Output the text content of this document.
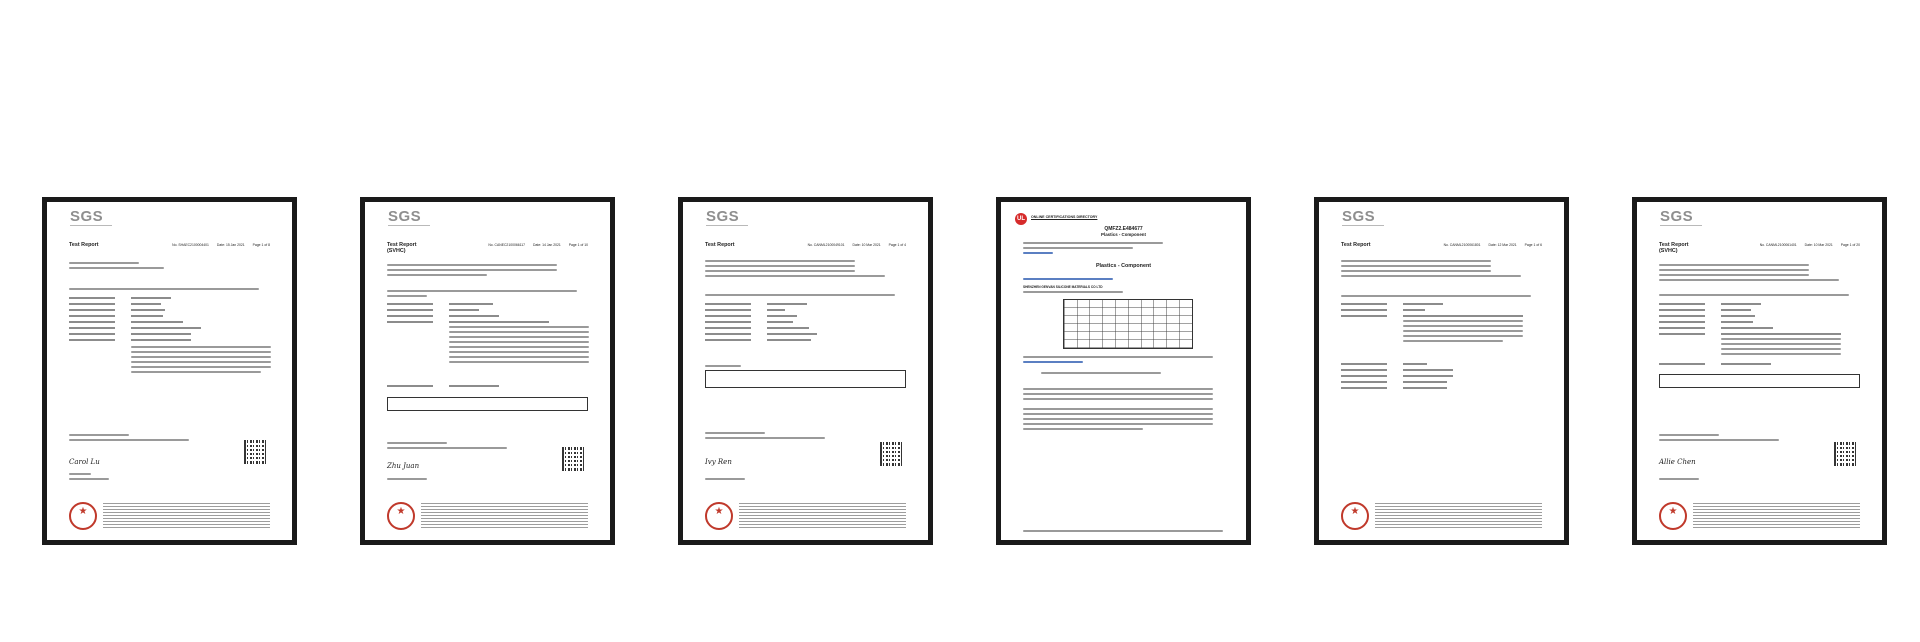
SGS
Test Report	No. SHAEC2100004401 Date: 15 Jan 2021 Page 1 of 8
Carol Lu
★
SGS
Test Report
(SVHC)
No. CANEC2100066117 Date: 14 Jan 2021 Page 1 of 10
Zhu Juan
★
SGS
Test Report	No. CANML2100049101 Date: 10 Mar 2021 Page 1 of 4
Ivy Ren
★
UL	ONLINE CERTIFICATIONS DIRECTORY
QMFZ2.E484677
Plastics - Component
Plastics - Component
SHENZHEN GENVAN SILICONE MATERIALS CO LTD
SGS
Test Report	No. CANML2100061801 Date: 12 Mar 2021 Page 1 of 6
★
SGS
Test Report
(SVHC)
No. CANML2100061401 Date: 10 Mar 2021 Page 1 of 20
Allie Chen
★
